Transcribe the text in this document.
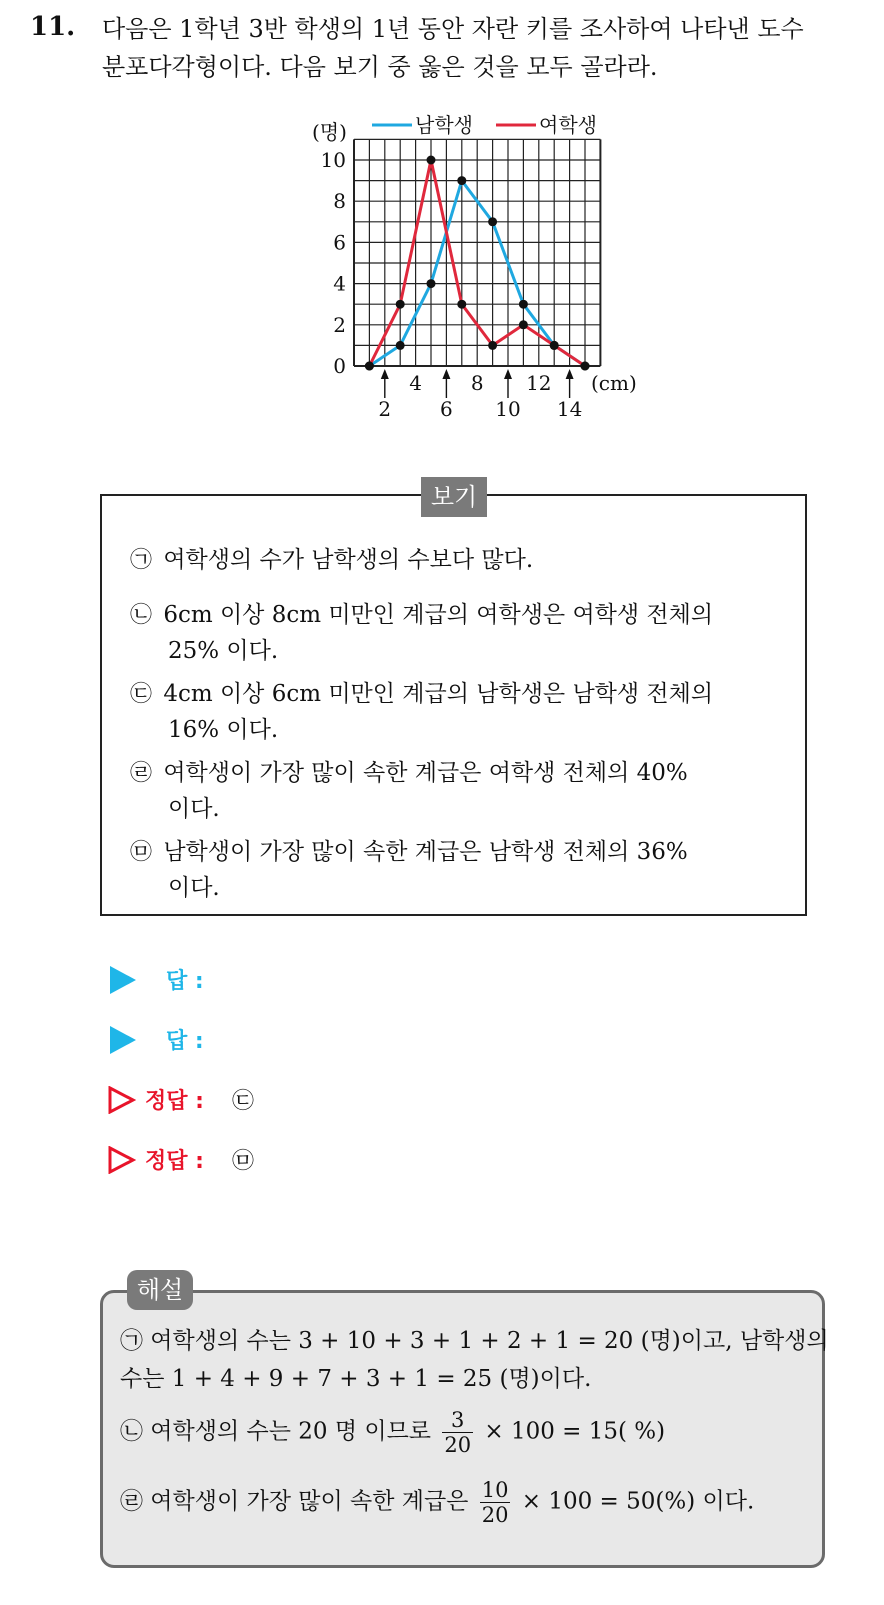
11. 다음은 1학년 3반 학생의 1년 동안 자란 키를 조사하여 나타낸 도수
분포다각형이다. 다음 보기 중 옳은 것을 모두 골라라.
0
2
4
6
8
10
(명)
4 8 12
2 6 10 14
(cm)
남학생	여학생
보기
㉠ 여학생의 수가 남학생의 수보다 많다.
㉡ 6cm 이상 8cm 미만인 계급의 여학생은 여학생 전체의
25% 이다.
㉢ 4cm 이상 6cm 미만인 계급의 남학생은 남학생 전체의
16% 이다.
㉣ 여학생이 가장 많이 속한 계급은 여학생 전체의 40%
이다.
㉤ 남학생이 가장 많이 속한 계급은 남학생 전체의 36%
이다.
답 :
답 :
정답 : ㉢
정답 : ㉤
해설
㉠ 여학생의 수는 3 + 10 + 3 + 1 + 2 + 1 = 20 (명)이고, 남학생의
수는 1 + 4 + 9 + 7 + 3 + 1 = 25 (명)이다.
㉡ 여학생의 수는 20 명 이므로 $\frac{3}{20} \times 100 = 15$( %)
㉣ 여학생이 가장 많이 속한 계급은 $\frac{10}{20} \times 100 = 50(\%)$ 이다.
